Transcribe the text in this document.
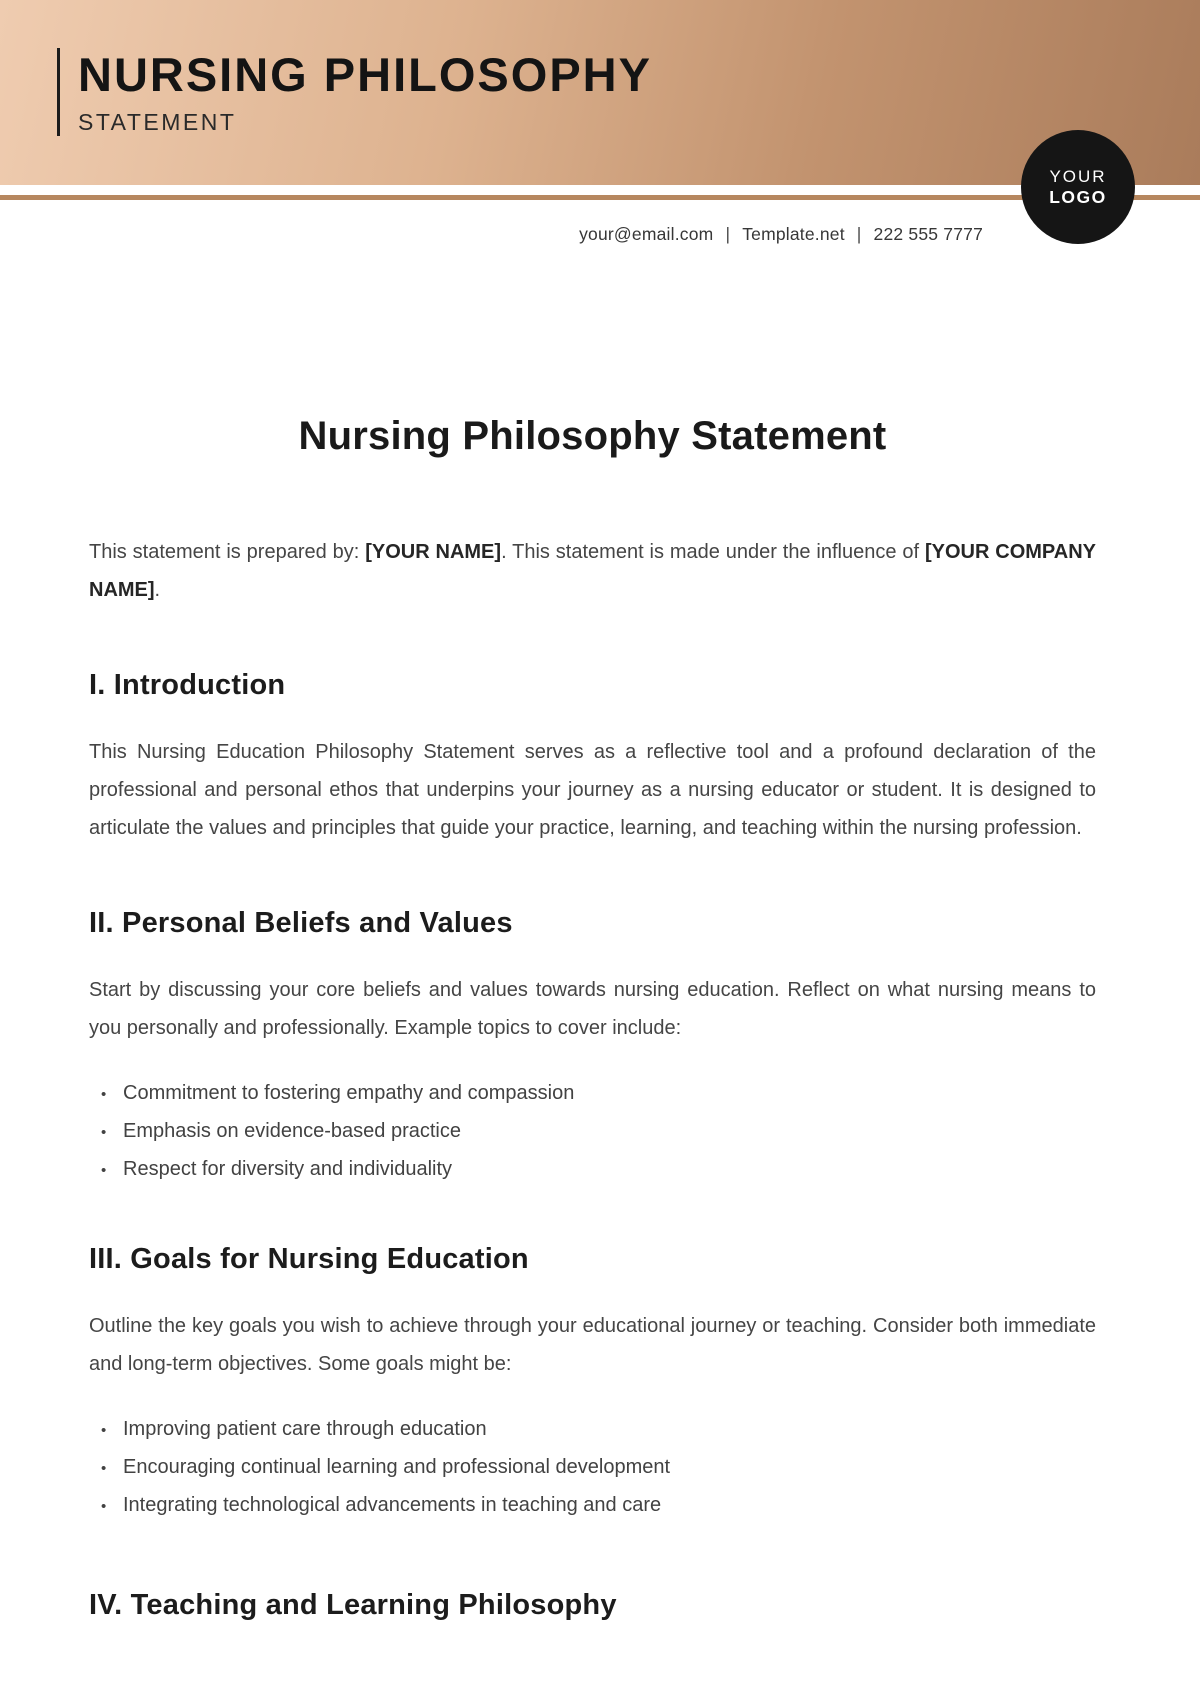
NURSING PHILOSOPHY
STATEMENT
YOUR
LOGO
your@email.com | Template.net | 222 555 7777
Nursing Philosophy Statement

This statement is prepared by: [YOUR NAME]. This statement is made under the influence of [YOUR COMPANY NAME].

I. Introduction

This Nursing Education Philosophy Statement serves as a reflective tool and a profound declaration of the professional and personal ethos that underpins your journey as a nursing educator or student. It is designed to articulate the values and principles that guide your practice, learning, and teaching within the nursing profession.

II. Personal Beliefs and Values

Start by discussing your core beliefs and values towards nursing education. Reflect on what nursing means to you personally and professionally. Example topics to cover include:

• Commitment to fostering empathy and compassion
• Emphasis on evidence-based practice
• Respect for diversity and individuality
III. Goals for Nursing Education

Outline the key goals you wish to achieve through your educational journey or teaching. Consider both immediate and long-term objectives. Some goals might be:

• Improving patient care through education
• Encouraging continual learning and professional development
• Integrating technological advancements in teaching and care
IV. Teaching and Learning Philosophy
